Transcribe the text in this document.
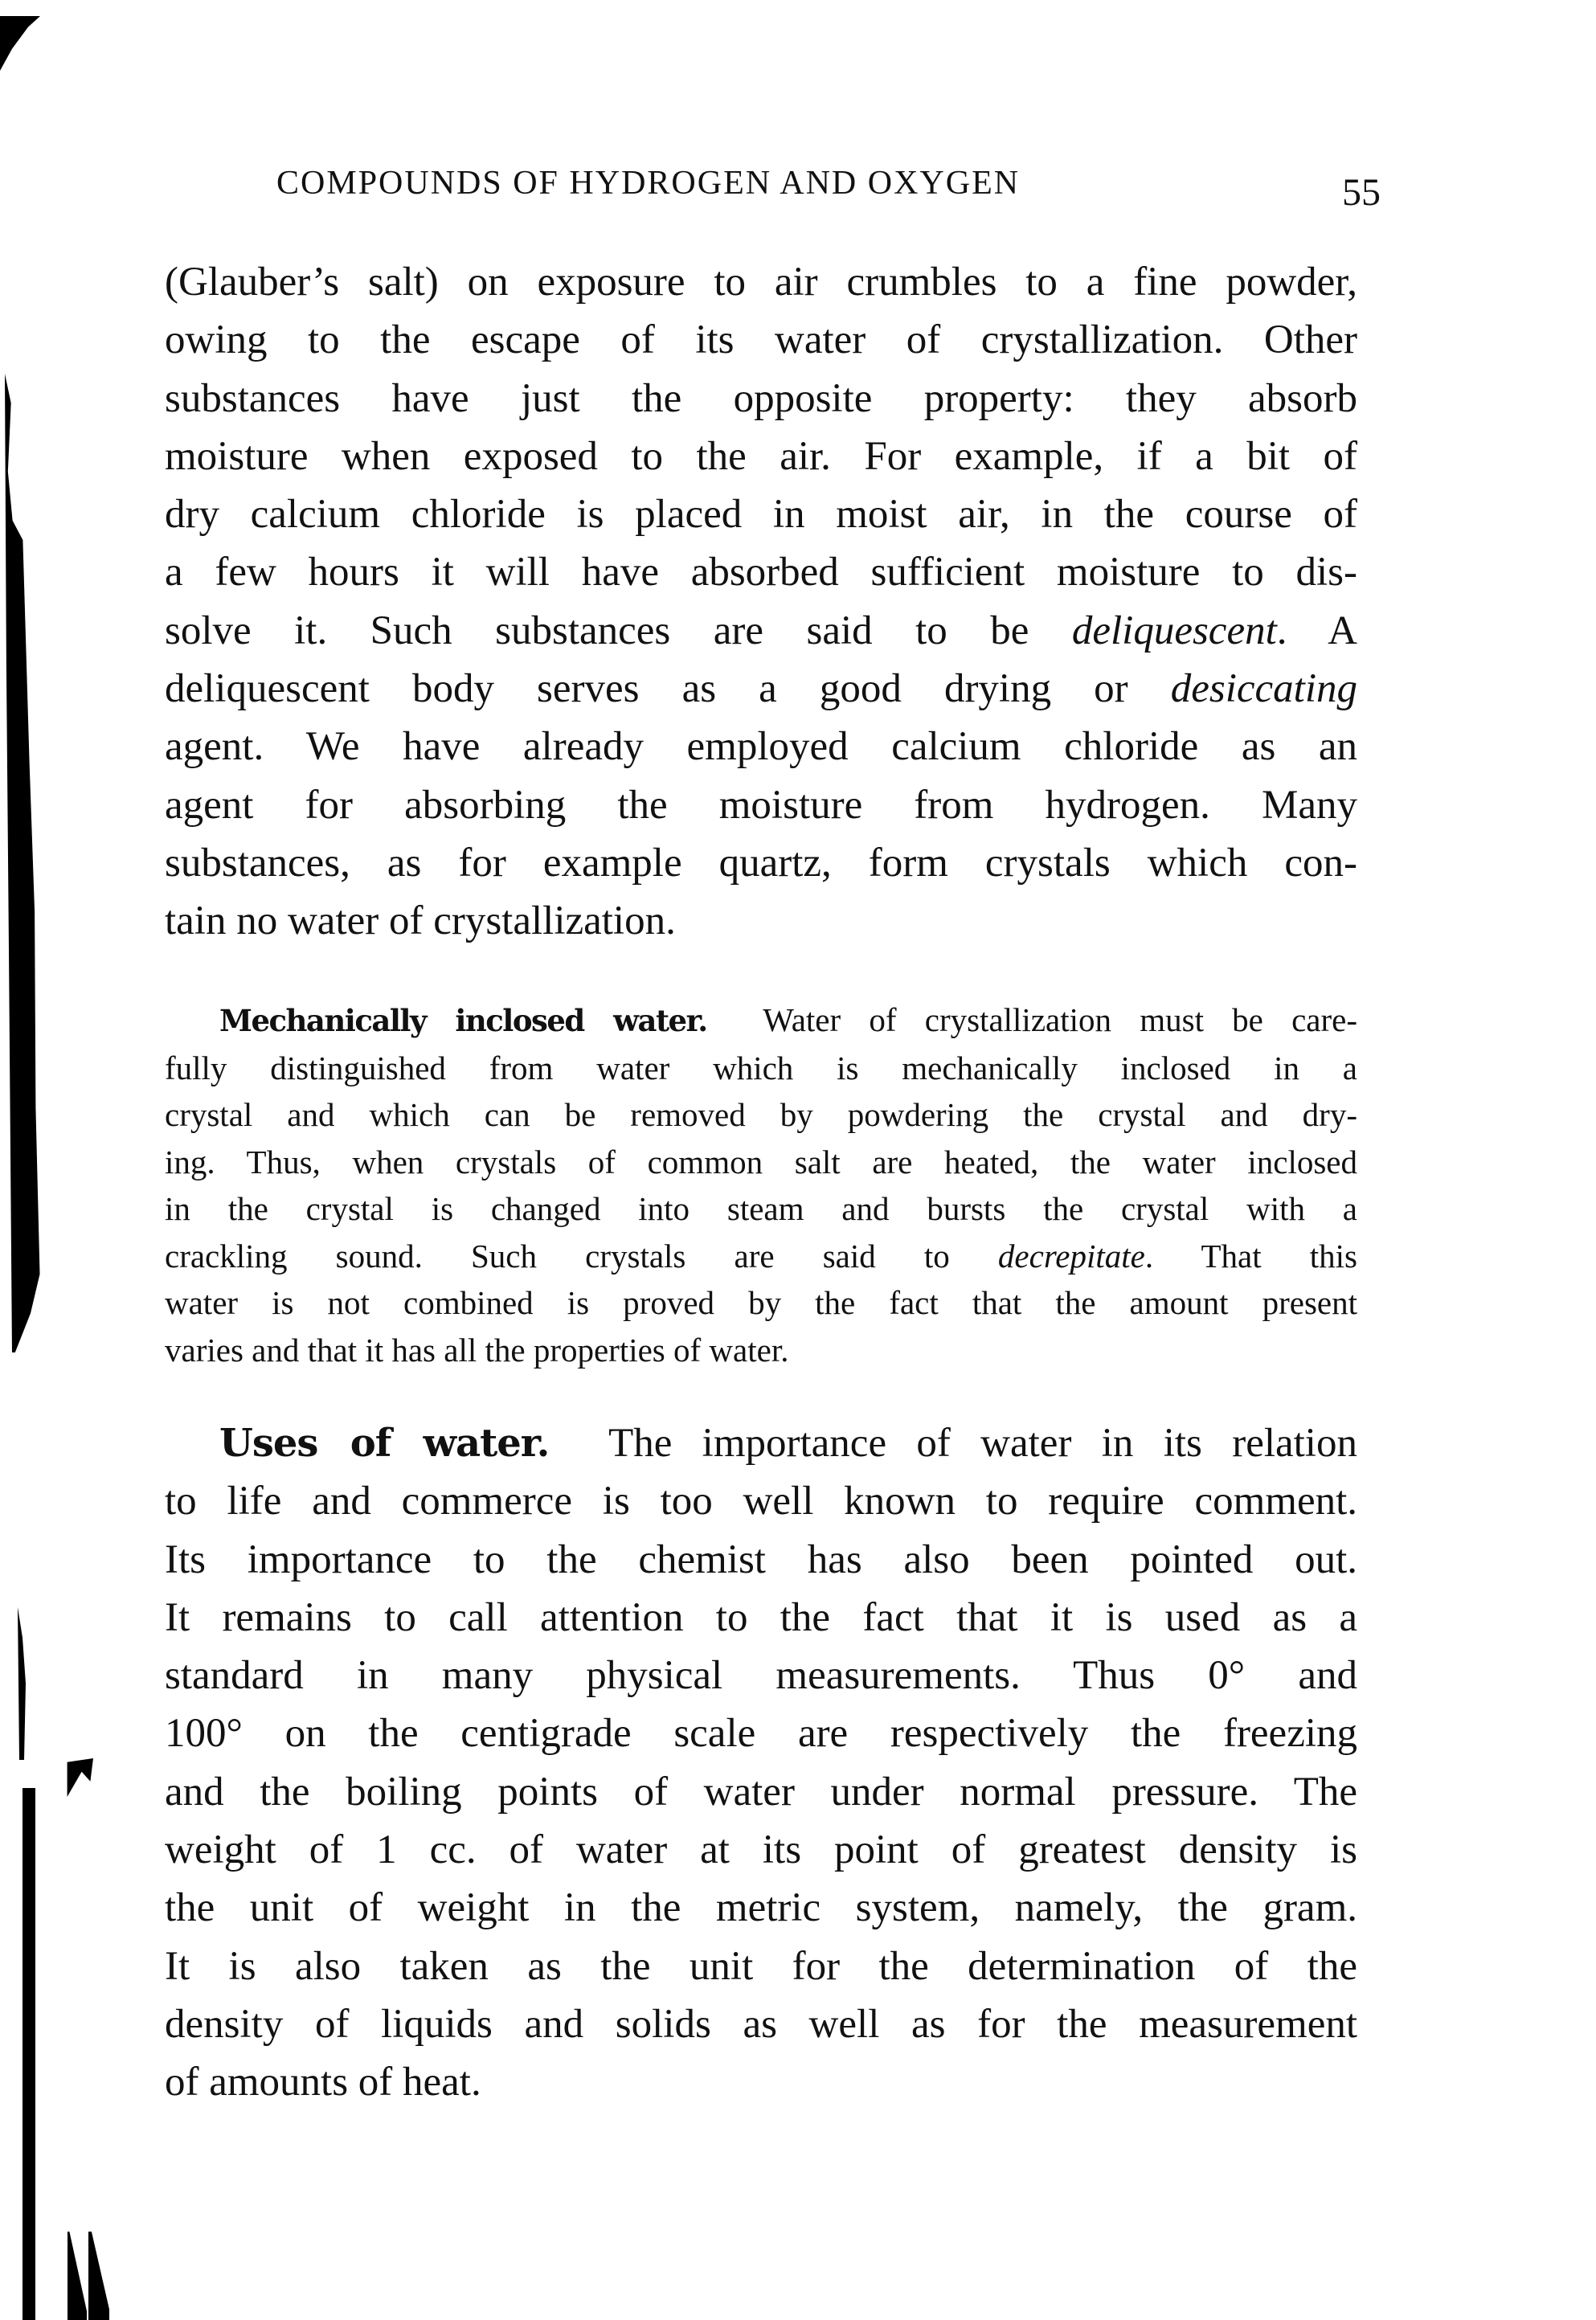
COMPOUNDS OF HYDROGEN AND OXYGEN	55
(Glauber’s salt) on exposure to air crumbles to a fine powder,
owing to the escape of its water of crystallization. Other
substances have just the opposite property: they absorb
moisture when exposed to the air. For example, if a bit of
dry calcium chloride is placed in moist air, in the course of
a few hours it will have absorbed sufficient moisture to dis-
solve it. Such substances are said to be deliquescent. A
deliquescent body serves as a good drying or desiccating
agent. We have already employed calcium chloride as an
agent for absorbing the moisture from hydrogen. Many
substances, as for example quartz, form crystals which con-
tain no water of crystallization.
Mechanically inclosed water. Water of crystallization must be care-
fully distinguished from water which is mechanically inclosed in a
crystal and which can be removed by powdering the crystal and dry-
ing. Thus, when crystals of common salt are heated, the water inclosed
in the crystal is changed into steam and bursts the crystal with a
crackling sound. Such crystals are said to decrepitate. That this
water is not combined is proved by the fact that the amount present
varies and that it has all the properties of water.
Uses of water. The importance of water in its relation
to life and commerce is too well known to require comment.
Its importance to the chemist has also been pointed out.
It remains to call attention to the fact that it is used as a
standard in many physical measurements. Thus 0° and
100° on the centigrade scale are respectively the freezing
and the boiling points of water under normal pressure. The
weight of 1 cc. of water at its point of greatest density is
the unit of weight in the metric system, namely, the gram.
It is also taken as the unit for the determination of the
density of liquids and solids as well as for the measurement
of amounts of heat.
